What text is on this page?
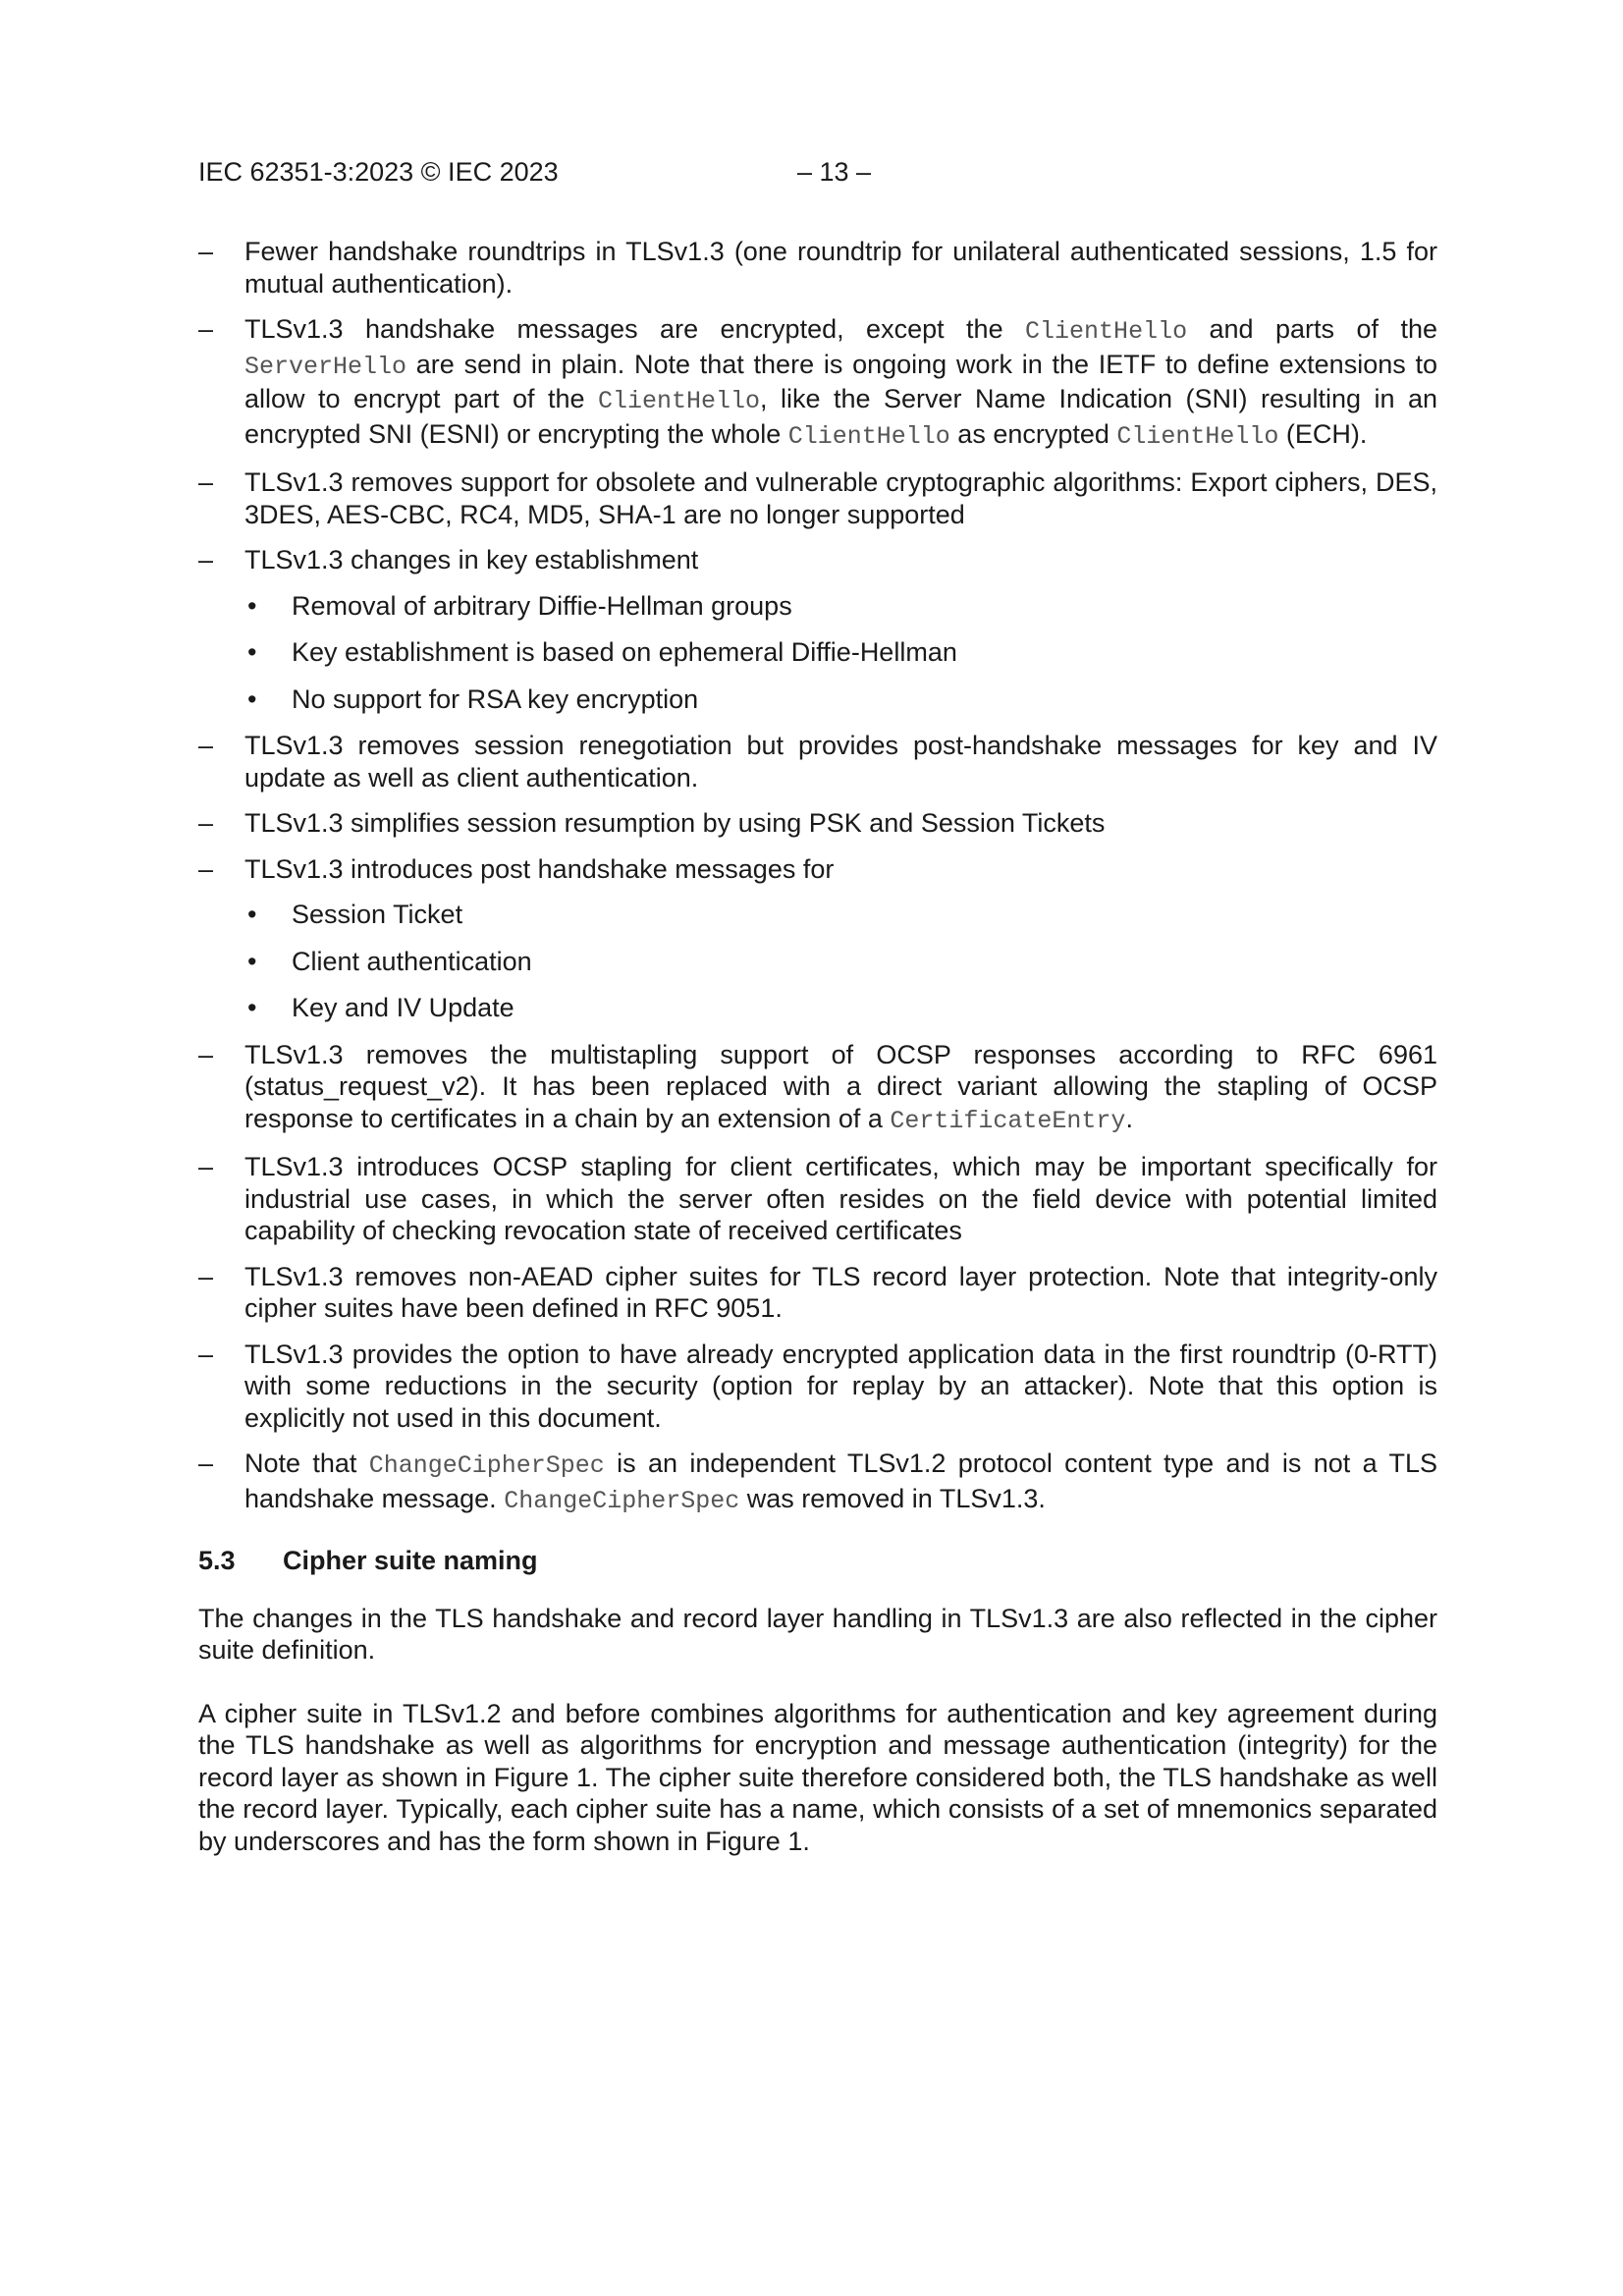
IEC 62351-3:2023 © IEC 2023	– 13 –
– Fewer handshake roundtrips in TLSv1.3 (one roundtrip for unilateral authenticated sessions, 1.5 for mutual authentication).
– TLSv1.3 handshake messages are encrypted, except the ClientHello and parts of the ServerHello are send in plain. Note that there is ongoing work in the IETF to define extensions to allow to encrypt part of the ClientHello, like the Server Name Indication (SNI) resulting in an encrypted SNI (ESNI) or encrypting the whole ClientHello as encrypted ClientHello (ECH).
– TLSv1.3 removes support for obsolete and vulnerable cryptographic algorithms: Export ciphers, DES, 3DES, AES-CBC, RC4, MD5, SHA-1 are no longer supported
– TLSv1.3 changes in key establishment
• Removal of arbitrary Diffie-Hellman groups
• Key establishment is based on ephemeral Diffie-Hellman
• No support for RSA key encryption
– TLSv1.3 removes session renegotiation but provides post-handshake messages for key and IV update as well as client authentication.
– TLSv1.3 simplifies session resumption by using PSK and Session Tickets
– TLSv1.3 introduces post handshake messages for
• Session Ticket
• Client authentication
• Key and IV Update
– TLSv1.3 removes the multistapling support of OCSP responses according to RFC 6961 (status_request_v2). It has been replaced with a direct variant allowing the stapling of OCSP response to certificates in a chain by an extension of a CertificateEntry.
– TLSv1.3 introduces OCSP stapling for client certificates, which may be important specifically for industrial use cases, in which the server often resides on the field device with potential limited capability of checking revocation state of received certificates
– TLSv1.3 removes non-AEAD cipher suites for TLS record layer protection. Note that integrity-only cipher suites have been defined in RFC 9051.
– TLSv1.3 provides the option to have already encrypted application data in the first roundtrip (0-RTT) with some reductions in the security (option for replay by an attacker). Note that this option is explicitly not used in this document.
– Note that ChangeCipherSpec is an independent TLSv1.2 protocol content type and is not a TLS handshake message. ChangeCipherSpec was removed in TLSv1.3.
5.3 Cipher suite naming
The changes in the TLS handshake and record layer handling in TLSv1.3 are also reflected in the cipher suite definition.
A cipher suite in TLSv1.2 and before combines algorithms for authentication and key agreement during the TLS handshake as well as algorithms for encryption and message authentication (integrity) for the record layer as shown in Figure 1. The cipher suite therefore considered both, the TLS handshake as well the record layer. Typically, each cipher suite has a name, which consists of a set of mnemonics separated by underscores and has the form shown in Figure 1.
